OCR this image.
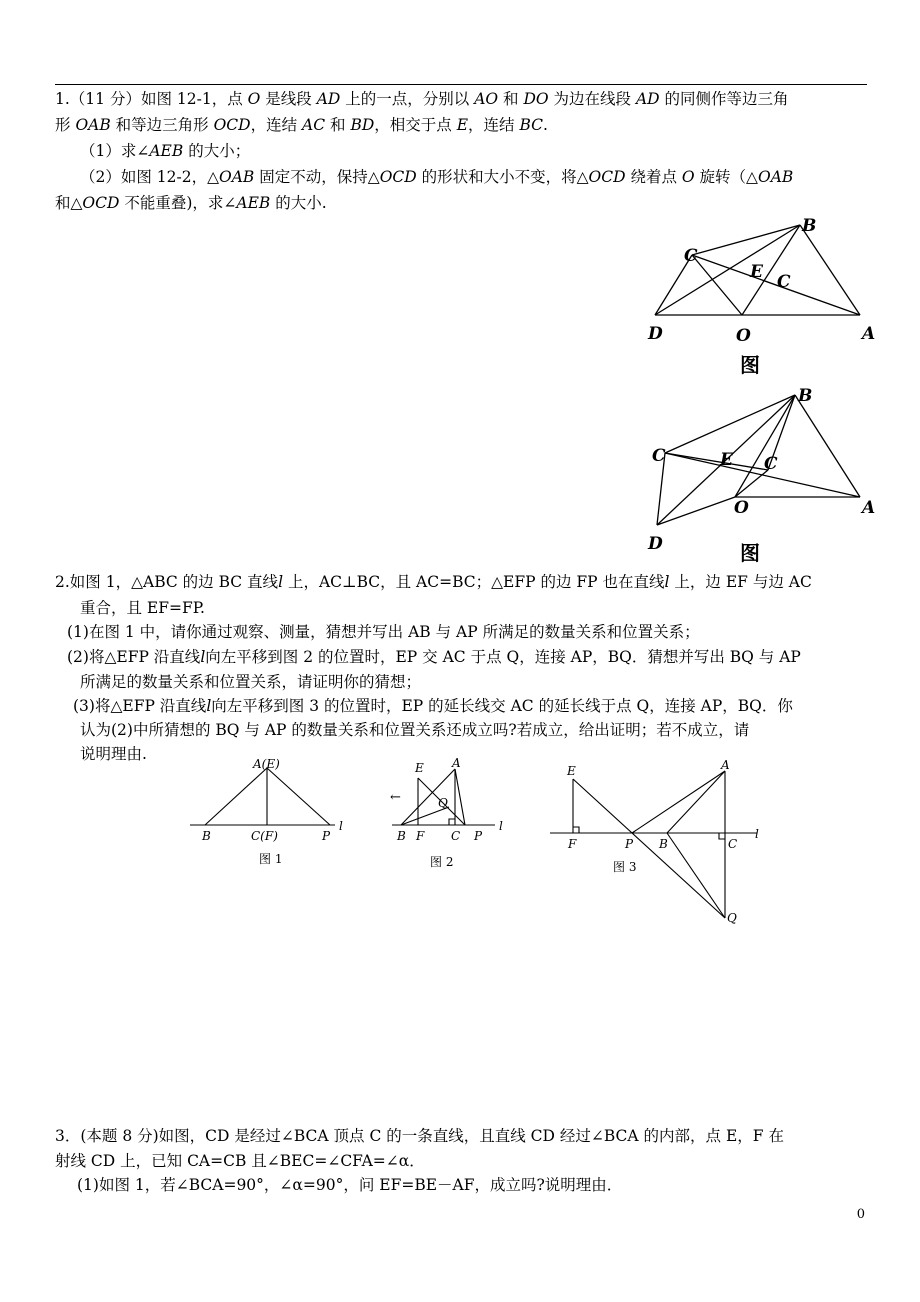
1.（11 分）如图 12-1，点 O 是线段 AD 上的一点，分别以 AO 和 DO 为边在线段 AD 的同侧作等边三角
形 OAB 和等边三角形 OCD，连结 AC 和 BD，相交于点 E，连结 BC.
（1）求∠AEB 的大小；
（2）如图 12-2，△OAB 固定不动，保持△OCD 的形状和大小不变，将△OCD 绕着点 O 旋转（△OAB
和△OCD 不能重叠)，求∠AEB 的大小.
B
C
E
C
D	O	A
图
B
C
E
C
O	A
D	图
2.如图 1，△ABC 的边 BC 直线l 上，AC⊥BC，且 AC=BC；△EFP 的边 FP 也在直线l 上，边 EF 与边 AC
重合，且 EF=FP.
(1)在图 1 中，请你通过观察、测量，猜想并写出 AB 与 AP 所满足的数量关系和位置关系；
(2)将△EFP 沿直线l向左平移到图 2 的位置时，EP 交 AC 于点 Q，连接 AP，BQ．猜想并写出 BQ 与 AP
所满足的数量关系和位置关系，请证明你的猜想；
(3)将△EFP 沿直线l向左平移到图 3 的位置时，EP 的延长线交 AC 的延长线于点 Q，连接 AP，BQ．你
认为(2)中所猜想的 BQ 与 AP 的数量关系和位置关系还成立吗?若成立，给出证明；若不成立，请
说明理由.
A(E)
B	C(F)	P
l
图 1
E A
Q
B F C P
l
←
图 2
E	A
F	P B	C
Q
l
图 3
3．(本题 8 分)如图，CD 是经过∠BCA 顶点 C 的一条直线，且直线 CD 经过∠BCA 的内部，点 E，F 在
射线 CD 上，已知 CA=CB 且∠BEC=∠CFA=∠α．
(1)如图 1，若∠BCA=90°，∠α=90°，问 EF=BE－AF，成立吗?说明理由．
0
